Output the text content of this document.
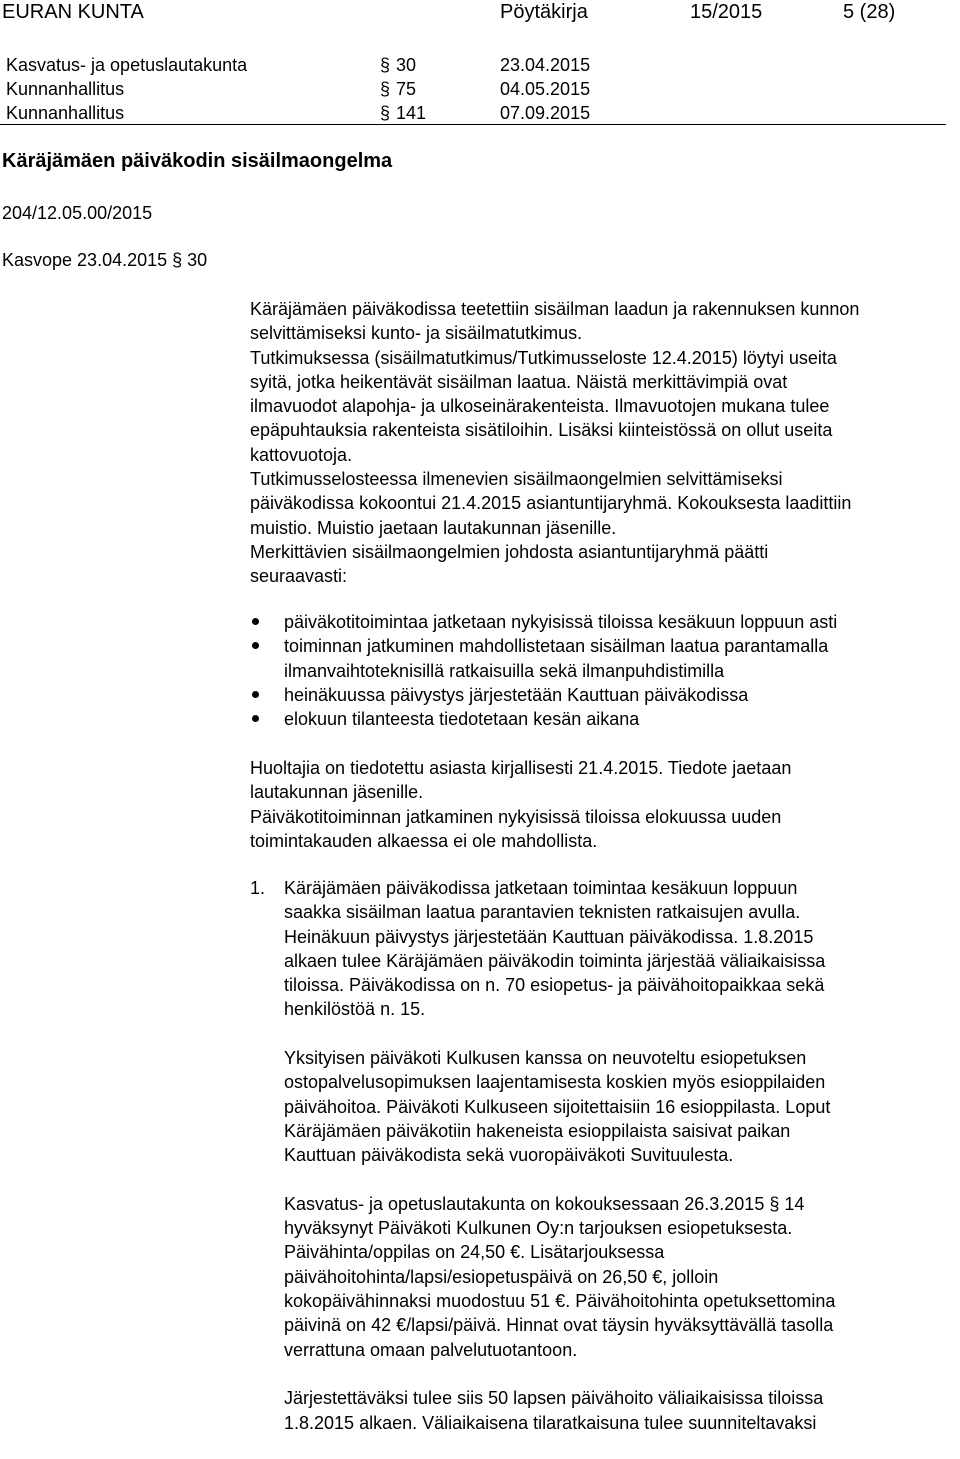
EURAN KUNTA	Pöytäkirja	15/2015	5 (28)
Kasvatus- ja opetuslautakunta	§ 30	23.04.2015
Kunnanhallitus	§ 75	04.05.2015
Kunnanhallitus	§ 141	07.09.2015
Käräjämäen päiväkodin sisäilmaongelma
204/12.05.00/2015
Kasvope 23.04.2015 § 30
Käräjämäen päiväkodissa teetettiin sisäilman laadun ja rakennuksen kunnon
selvittämiseksi kunto- ja sisäilmatutkimus.
Tutkimuksessa (sisäilmatutkimus/Tutkimusseloste 12.4.2015) löytyi useita
syitä, jotka heikentävät sisäilman laatua. Näistä merkittävimpiä ovat
ilmavuodot alapohja- ja ulkoseinärakenteista. Ilmavuotojen mukana tulee
epäpuhtauksia rakenteista sisätiloihin. Lisäksi kiinteistössä on ollut useita
kattovuotoja.
Tutkimusselosteessa ilmenevien sisäilmaongelmien selvittämiseksi
päiväkodissa kokoontui 21.4.2015 asiantuntijaryhmä. Kokouksesta laadittiin
muistio. Muistio jaetaan lautakunnan jäsenille.
Merkittävien sisäilmaongelmien johdosta asiantuntijaryhmä päätti
seuraavasti:
päiväkotitoimintaa jatketaan nykyisissä tiloissa kesäkuun loppuun asti
toiminnan jatkuminen mahdollistetaan sisäilman laatua parantamalla
ilmanvaihtoteknisillä ratkaisuilla sekä ilmanpuhdistimilla
heinäkuussa päivystys järjestetään Kauttuan päiväkodissa
elokuun tilanteesta tiedotetaan kesän aikana
Huoltajia on tiedotettu asiasta kirjallisesti 21.4.2015. Tiedote jaetaan
lautakunnan jäsenille.
Päiväkotitoiminnan jatkaminen nykyisissä tiloissa elokuussa uuden
toimintakauden alkaessa ei ole mahdollista.
1. Käräjämäen päiväkodissa jatketaan toimintaa kesäkuun loppuun
saakka sisäilman laatua parantavien teknisten ratkaisujen avulla.
Heinäkuun päivystys järjestetään Kauttuan päiväkodissa. 1.8.2015
alkaen tulee Käräjämäen päiväkodin toiminta järjestää väliaikaisissa
tiloissa. Päiväkodissa on n. 70 esiopetus- ja päivähoitopaikkaa sekä
henkilöstöä n. 15.
Yksityisen päiväkoti Kulkusen kanssa on neuvoteltu esiopetuksen
ostopalvelusopimuksen laajentamisesta koskien myös esioppilaiden
päivähoitoa. Päiväkoti Kulkuseen sijoitettaisiin 16 esioppilasta. Loput
Käräjämäen päiväkotiin hakeneista esioppilaista saisivat paikan
Kauttuan päiväkodista sekä vuoropäiväkoti Suvituulesta.
Kasvatus- ja opetuslautakunta on kokouksessaan 26.3.2015 § 14
hyväksynyt Päiväkoti Kulkunen Oy:n tarjouksen esiopetuksesta.
Päivähinta/oppilas on 24,50 €. Lisätarjouksessa
päivähoitohinta/lapsi/esiopetuspäivä on 26,50 €, jolloin
kokopäivähinnaksi muodostuu 51 €. Päivähoitohinta opetuksettomina
päivinä on 42 €/lapsi/päivä. Hinnat ovat täysin hyväksyttävällä tasolla
verrattuna omaan palvelutuotantoon.
Järjestettäväksi tulee siis 50 lapsen päivähoito väliaikaisissa tiloissa
1.8.2015 alkaen. Väliaikaisena tilaratkaisuna tulee suunniteltavaksi
